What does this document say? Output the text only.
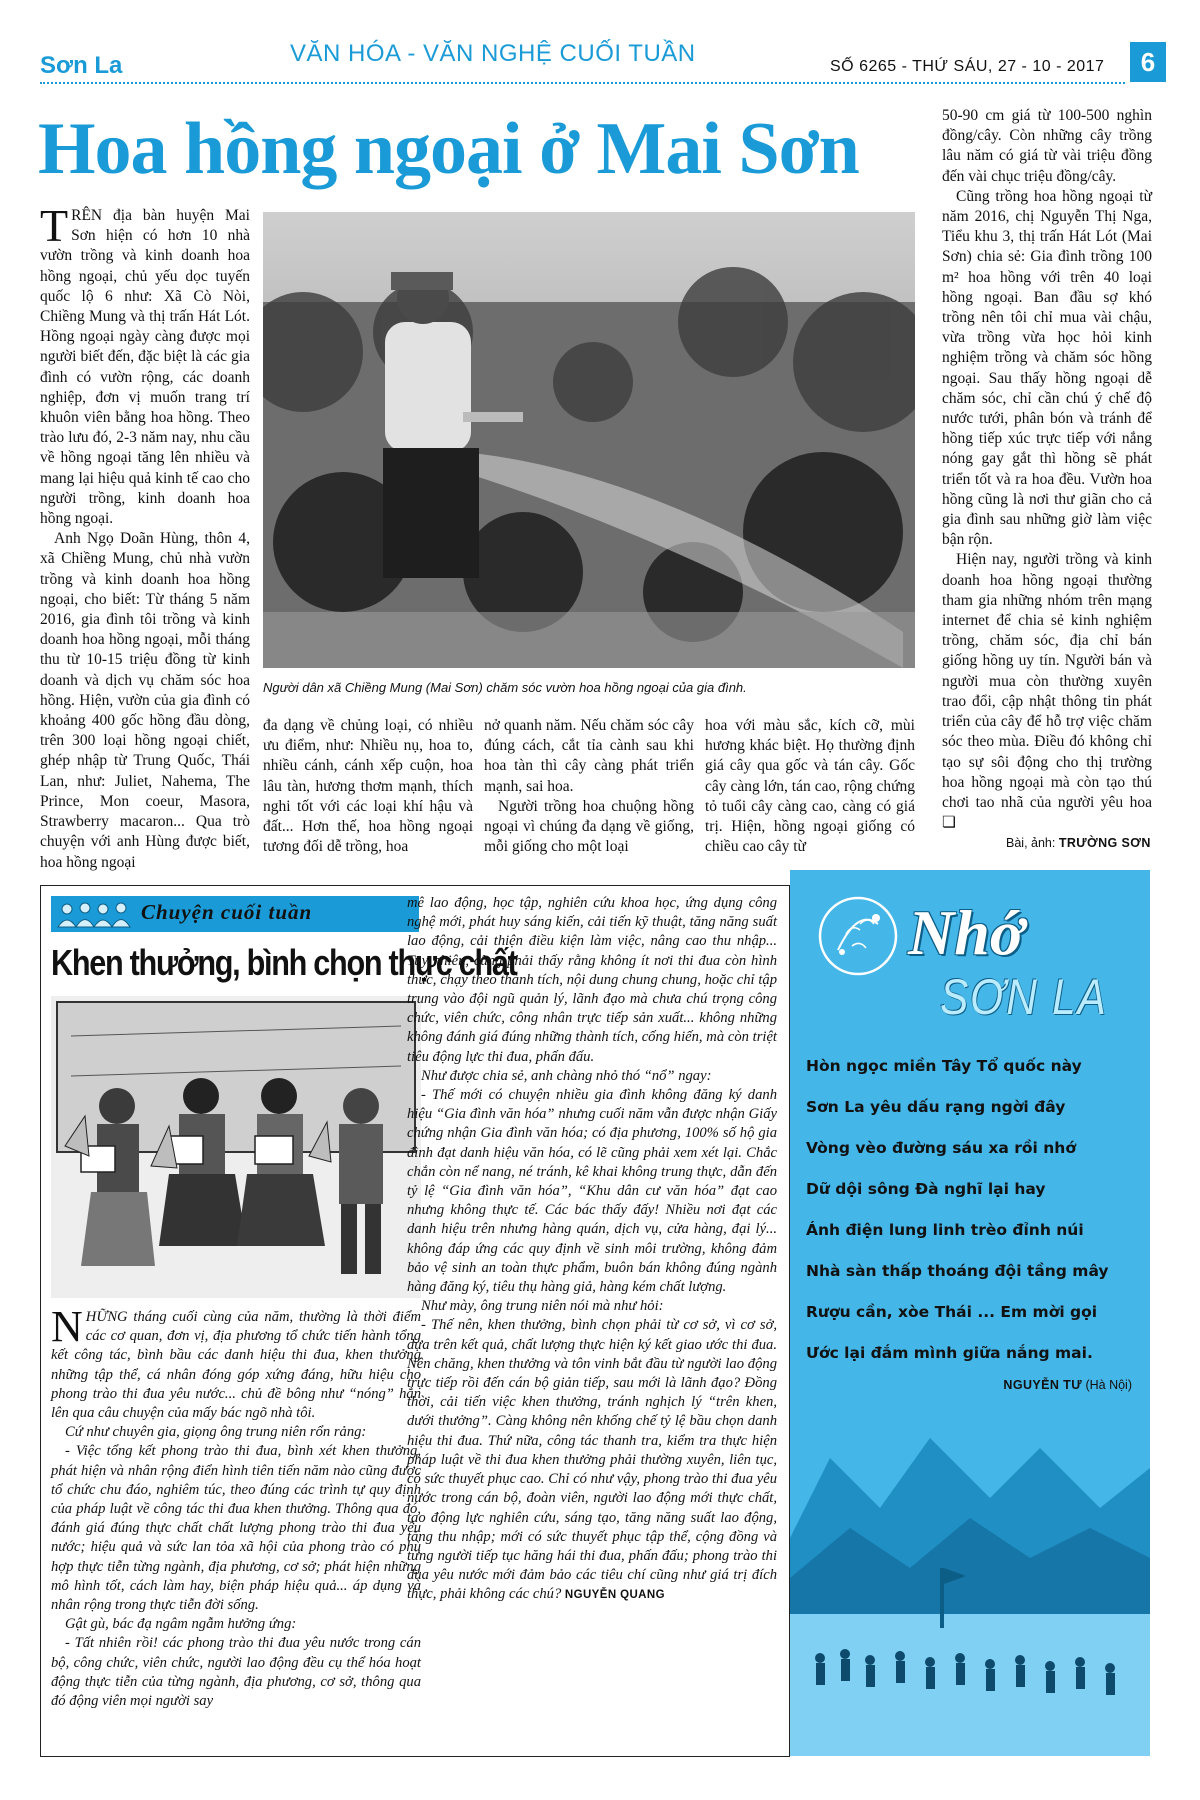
Sơn La	VĂN HÓA - VĂN NGHỆ CUỐI TUẦN	SỐ 6265 - THỨ SÁU, 27 - 10 - 2017	6
Hoa hồng ngoại ở Mai Sơn

TRÊN địa bàn huyện Mai Sơn hiện có hơn 10 nhà vườn trồng và kinh doanh hoa hồng ngoại, chủ yếu dọc tuyến quốc lộ 6 như: Xã Cò Nòi, Chiềng Mung và thị trấn Hát Lót. Hồng ngoại ngày càng được mọi người biết đến, đặc biệt là các gia đình có vườn rộng, các doanh nghiệp, đơn vị muốn trang trí khuôn viên bằng hoa hồng. Theo trào lưu đó, 2-3 năm nay, nhu cầu về hồng ngoại tăng lên nhiều và mang lại hiệu quả kinh tế cao cho người trồng, kinh doanh hoa hồng ngoại.

Anh Ngọ Doãn Hùng, thôn 4, xã Chiềng Mung, chủ nhà vườn trồng và kinh doanh hoa hồng ngoại, cho biết: Từ tháng 5 năm 2016, gia đình tôi trồng và kinh doanh hoa hồng ngoại, mỗi tháng thu từ 10-15 triệu đồng từ kinh doanh và dịch vụ chăm sóc hoa hồng. Hiện, vườn của gia đình có khoảng 400 gốc hồng đầu dòng, trên 300 loại hồng ngoại chiết, ghép nhập từ Trung Quốc, Thái Lan, như: Juliet, Nahema, The Prince, Mon coeur, Masora, Strawberry macaron... Qua trò chuyện với anh Hùng được biết, hoa hồng ngoại

Người dân xã Chiềng Mung (Mai Sơn) chăm sóc vườn hoa hồng ngoại của gia đình.

đa dạng về chủng loại, có nhiều ưu điểm, như: Nhiều nụ, hoa to, nhiều cánh, cánh xếp cuộn, hoa lâu tàn, hương thơm mạnh, thích nghi tốt với các loại khí hậu và đất... Hơn thế, hoa hồng ngoại tương đối dễ trồng, hoa

nở quanh năm. Nếu chăm sóc cây đúng cách, cắt tỉa cành sau khi hoa tàn thì cây càng phát triển mạnh, sai hoa.

Người trồng hoa chuộng hồng ngoại vì chúng đa dạng về giống, mỗi giống cho một loại

hoa với màu sắc, kích cỡ, mùi hương khác biệt. Họ thường định giá cây qua gốc và tán cây. Gốc cây càng lớn, tán cao, rộng chứng tỏ tuổi cây càng cao, càng có giá trị. Hiện, hồng ngoại giống có chiều cao cây từ

50-90 cm giá từ 100-500 nghìn đồng/cây. Còn những cây trồng lâu năm có giá từ vài triệu đồng đến vài chục triệu đồng/cây.

Cũng trồng hoa hồng ngoại từ năm 2016, chị Nguyễn Thị Nga, Tiểu khu 3, thị trấn Hát Lót (Mai Sơn) chia sẻ: Gia đình trồng 100 m² hoa hồng với trên 40 loại hồng ngoại. Ban đầu sợ khó trồng nên tôi chỉ mua vài chậu, vừa trồng vừa học hỏi kinh nghiệm trồng và chăm sóc hồng ngoại. Sau thấy hồng ngoại dễ chăm sóc, chỉ cần chú ý chế độ nước tưới, phân bón và tránh để hồng tiếp xúc trực tiếp với nắng nóng gay gắt thì hồng sẽ phát triển tốt và ra hoa đều. Vườn hoa hồng cũng là nơi thư giãn cho cả gia đình sau những giờ làm việc bận rộn.

Hiện nay, người trồng và kinh doanh hoa hồng ngoại thường tham gia những nhóm trên mạng internet để chia sẻ kinh nghiệm trồng, chăm sóc, địa chỉ bán giống hồng uy tín. Người bán và người mua còn thường xuyên trao đổi, cập nhật thông tin phát triển của cây để hỗ trợ việc chăm sóc theo mùa. Điều đó không chỉ tạo sự sôi động cho thị trường hoa hồng ngoại mà còn tạo thú chơi tao nhã của người yêu hoa ❏

Bài, ảnh: TRƯỜNG SƠN
Chuyện cuối tuần
Khen thưởng, bình chọn thực chất

NHỮNG tháng cuối cùng của năm, thường là thời điểm các cơ quan, đơn vị, địa phương tổ chức tiến hành tổng kết công tác, bình bầu các danh hiệu thi đua, khen thưởng những tập thể, cá nhân đóng góp xứng đáng, hữu hiệu cho phong trào thi đua yêu nước... chủ đề bông như “nóng” hẳn lên qua câu chuyện của mấy bác ngõ nhà tôi.

Cứ như chuyên gia, giọng ông trung niên rổn rảng:

- Việc tổng kết phong trào thi đua, bình xét khen thưởng, phát hiện và nhân rộng điển hình tiên tiến năm nào cũng được tổ chức chu đáo, nghiêm túc, theo đúng các trình tự quy định của pháp luật về công tác thi đua khen thưởng. Thông qua đó, đánh giá đúng thực chất chất lượng phong trào thi đua yêu nước; hiệu quả và sức lan tỏa xã hội của phong trào có phù hợp thực tiễn từng ngành, địa phương, cơ sở; phát hiện những mô hình tốt, cách làm hay, biện pháp hiệu quả... áp dụng và nhân rộng trong thực tiễn đời sống.

Gật gù, bác đạ ngâm ngẫm hưởng ứng:

- Tất nhiên rồi! các phong trào thi đua yêu nước trong cán bộ, công chức, viên chức, người lao động đều cụ thể hóa hoạt động thực tiễn của từng ngành, địa phương, cơ sở, thông qua đó động viên mọi người say

mê lao động, học tập, nghiên cứu khoa học, ứng dụng công nghệ mới, phát huy sáng kiến, cải tiến kỹ thuật, tăng năng suất lao động, cải thiện điều kiện làm việc, nâng cao thu nhập... Tuy nhiên, cũng phải thấy rằng không ít nơi thi đua còn hình thức, chạy theo thành tích, nội dung chung chung, hoặc chỉ tập trung vào đội ngũ quản lý, lãnh đạo mà chưa chú trọng công chức, viên chức, công nhân trực tiếp sản xuất... không những không đánh giá đúng những thành tích, cống hiến, mà còn triệt tiêu động lực thi đua, phấn đấu.

Như được chia sẻ, anh chàng nhỏ thó “nổ” ngay:

- Thế mới có chuyện nhiều gia đình không đăng ký danh hiệu “Gia đình văn hóa” nhưng cuối năm vẫn được nhận Giấy chứng nhận Gia đình văn hóa; có địa phương, 100% số hộ gia đình đạt danh hiệu văn hóa, có lẽ cũng phải xem xét lại. Chắc chắn còn nể nang, né tránh, kê khai không trung thực, dẫn đến tỷ lệ “Gia đình văn hóa”, “Khu dân cư văn hóa” đạt cao nhưng không thực tế. Các bác thấy đấy! Nhiều nơi đạt các danh hiệu trên nhưng hàng quán, dịch vụ, cửa hàng, đại lý... không đáp ứng các quy định về sinh môi trường, không đảm bảo vệ sinh an toàn thực phẩm, buôn bán không đúng ngành hàng đăng ký, tiêu thụ hàng giả, hàng kém chất lượng.

Như mày, ông trung niên nói mà như hỏi:

- Thế nên, khen thưởng, bình chọn phải từ cơ sở, vì cơ sở, dựa trên kết quả, chất lượng thực hiện ký kết giao ước thi đua. Nên chăng, khen thưởng và tôn vinh bắt đầu từ người lao động trực tiếp rồi đến cán bộ giản tiếp, sau mới là lãnh đạo? Đồng thời, cải tiến việc khen thưởng, tránh nghịch lý “trên khen, dưới thưởng”. Càng không nên khống chế tỷ lệ bầu chọn danh hiệu thi đua. Thứ nữa, công tác thanh tra, kiểm tra thực hiện pháp luật về thi đua khen thưởng phải thường xuyên, liên tục, có sức thuyết phục cao. Chỉ có như vậy, phong trào thi đua yêu nước trong cán bộ, đoàn viên, người lao động mới thực chất, tạo động lực nghiên cứu, sáng tạo, tăng năng suất lao động, tăng thu nhập; mới có sức thuyết phục tập thể, cộng đồng và từng người tiếp tục hăng hái thi đua, phấn đấu; phong trào thi đua yêu nước mới đảm bảo các tiêu chí cũng như giá trị đích thực, phải không các chú? NGUYỄN QUANG

Nhớ
SƠN LA
Hòn ngọc miền Tây Tổ quốc này
Sơn La yêu dấu rạng ngời đây
Vòng vèo đường sáu xa rồi nhớ
Dữ dội sông Đà nghĩ lại hay
Ánh điện lung linh trèo đỉnh núi
Nhà sàn thấp thoáng đội tầng mây
Rượu cần, xòe Thái ... Em mời gọi
Ước lại đắm mình giữa nắng mai.
NGUYỄN TƯ (Hà Nội)
